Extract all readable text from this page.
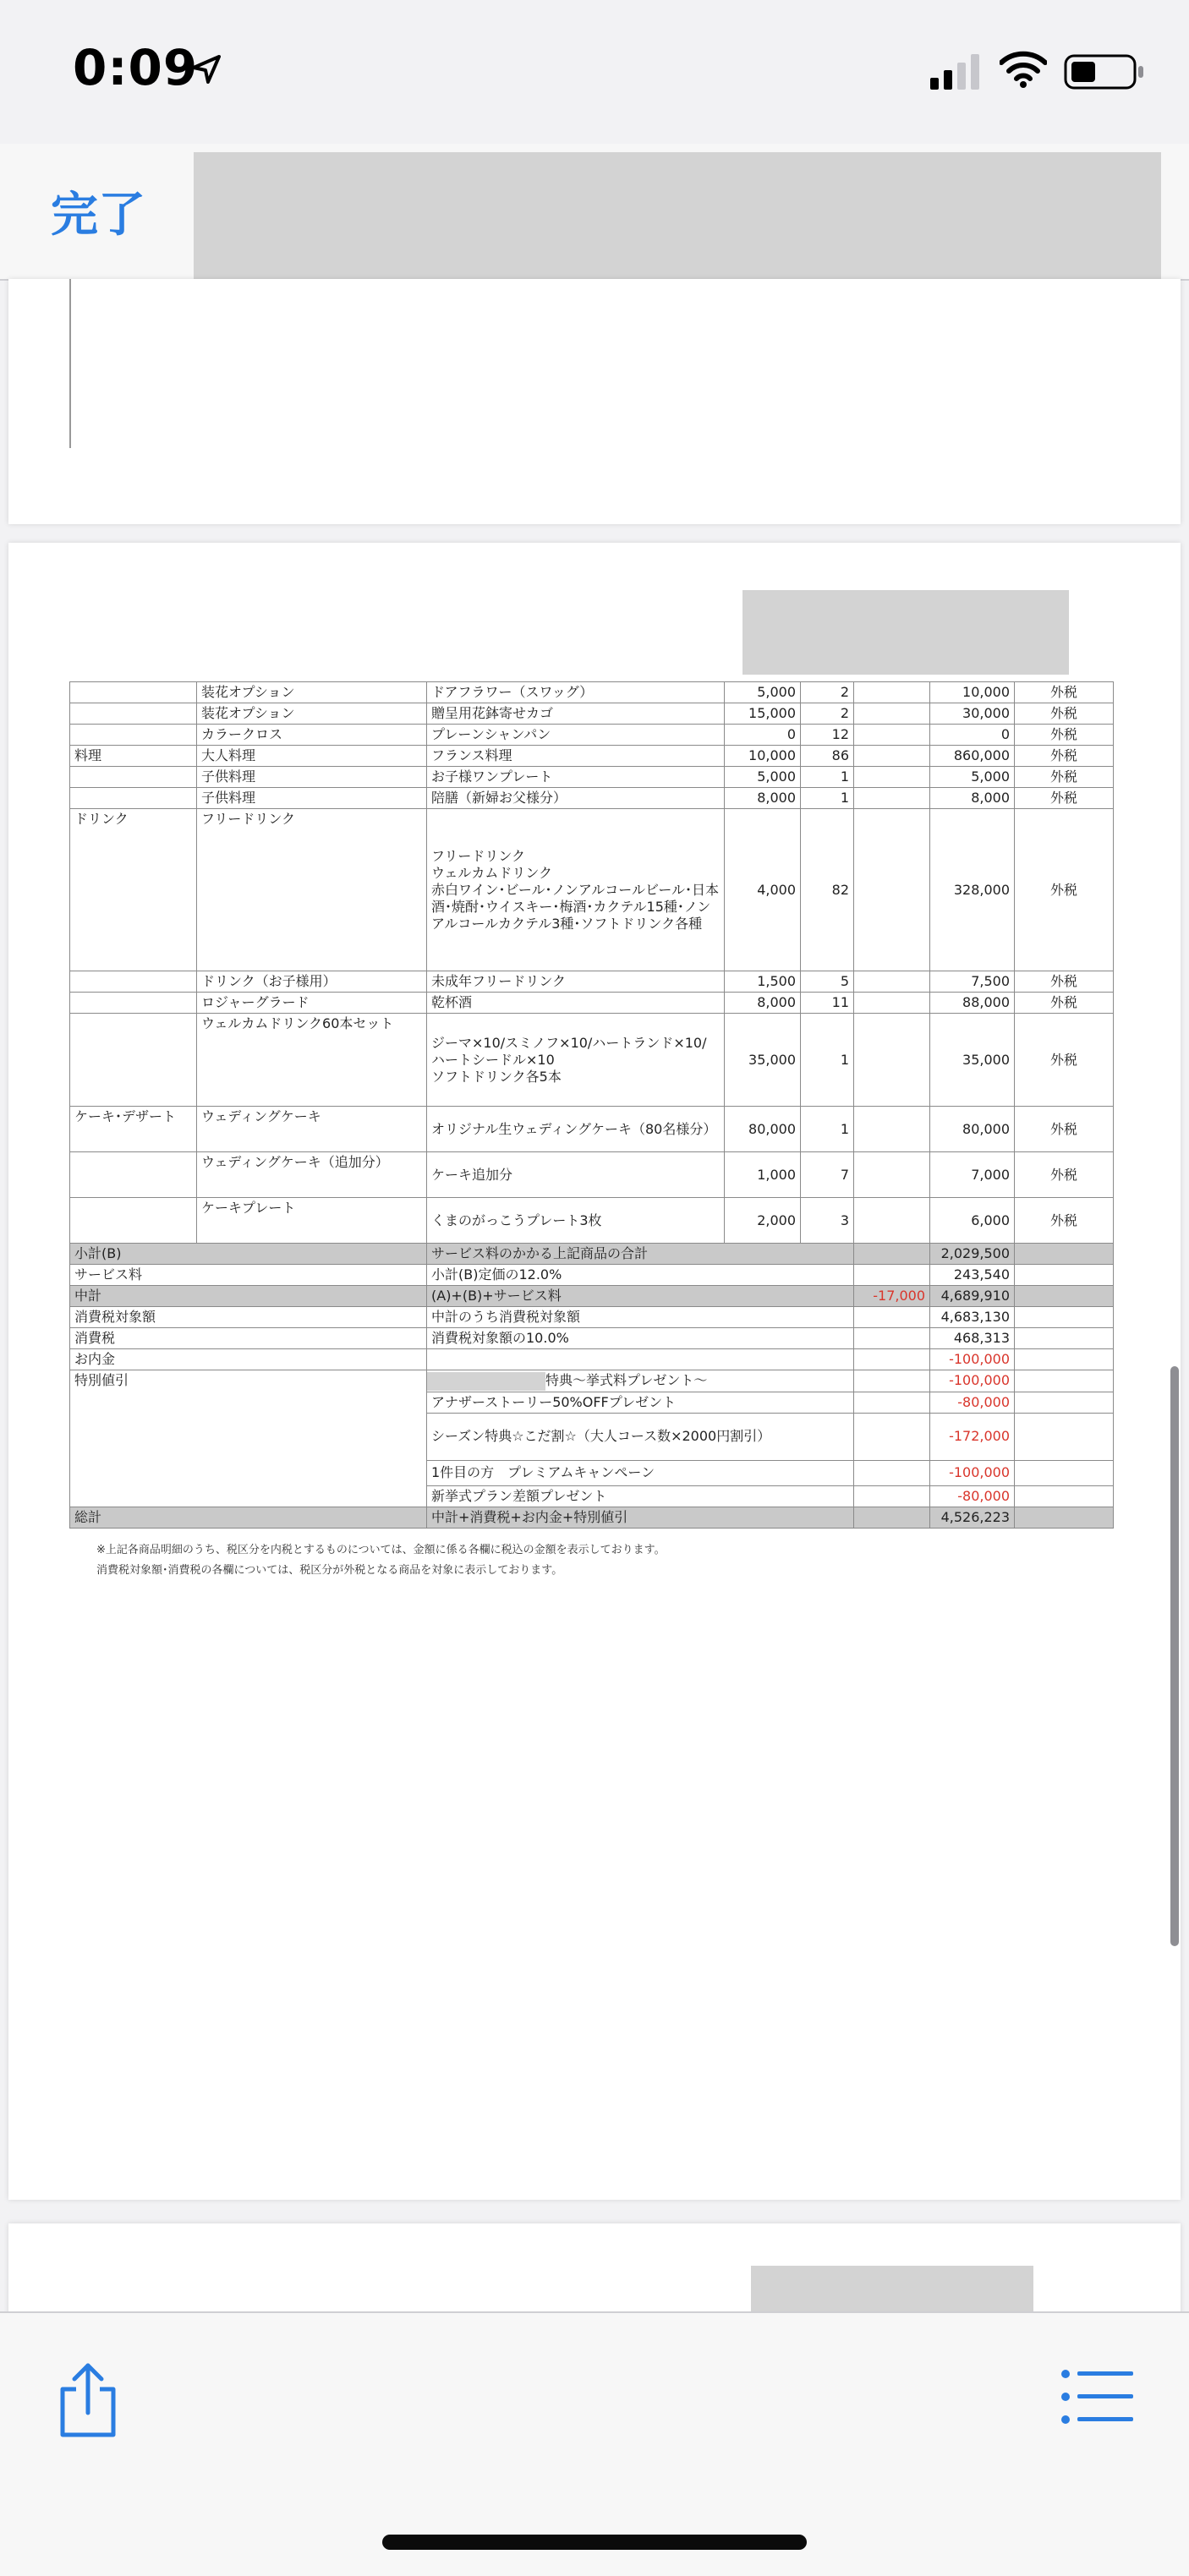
0:09
完了
	装花オプション	ドアフラワー（スワッグ）	5,000	2		10,000	外税
	装花オプション	贈呈用花鉢寄せカゴ	15,000	2		30,000	外税
	カラークロス	プレーンシャンパン	0	12		0	外税
料理	大人料理	フランス料理	10,000	86		860,000	外税
	子供料理	お子様ワンプレート	5,000	1		5,000	外税
	子供料理	陪膳（新婦お父様分）	8,000	1		8,000	外税
ドリンク	フリードリンク	フリードリンク
ウェルカムドリンク
赤白ワイン･ビール･ノンアルコールビール･日本酒･焼酎･ウイスキー･梅酒･カクテル15種･ノンアルコールカクテル3種･ソフトドリンク各種	4,000	82		328,000	外税
	ドリンク（お子様用）	未成年フリードリンク	1,500	5		7,500	外税
	ロジャーグラード	乾杯酒	8,000	11		88,000	外税
	ウェルカムドリンク60本セット	ジーマ×10/スミノフ×10/ハートランド×10/ハートシードル×10
ソフトドリンク各5本	35,000	1		35,000	外税
ケーキ･デザート	ウェディングケーキ	オリジナル生ウェディングケーキ（80名様分）	80,000	1		80,000	外税
	ウェディングケーキ（追加分）	ケーキ追加分	1,000	7		7,000	外税
	ケーキプレート	くまのがっこうプレート3枚	2,000	3		6,000	外税
小計(B)		サービス料のかかる上記商品の合計				2,029,500	
サービス料		小計(B)定価の12.0%				243,540	
中計		(A)+(B)+サービス料			-17,000	4,689,910	
消費税対象額		中計のうち消費税対象額				4,683,130	
消費税		消費税対象額の10.0%				468,313	
お内金						-100,000	
特別値引		特典～挙式料プレゼント～				-100,000	
		アナザーストーリー50%OFFプレゼント				-80,000	
		シーズン特典☆こだ割☆（大人コース数×2000円割引）				-172,000	
		1件目の方　プレミアムキャンペーン				-100,000	
		新挙式プラン差額プレゼント				-80,000	
総計		中計+消費税+お内金+特別値引				4,526,223	
※上記各商品明細のうち、税区分を内税とするものについては、金額に係る各欄に税込の金額を表示しております。
消費税対象額･消費税の各欄については、税区分が外税となる商品を対象に表示しております。
